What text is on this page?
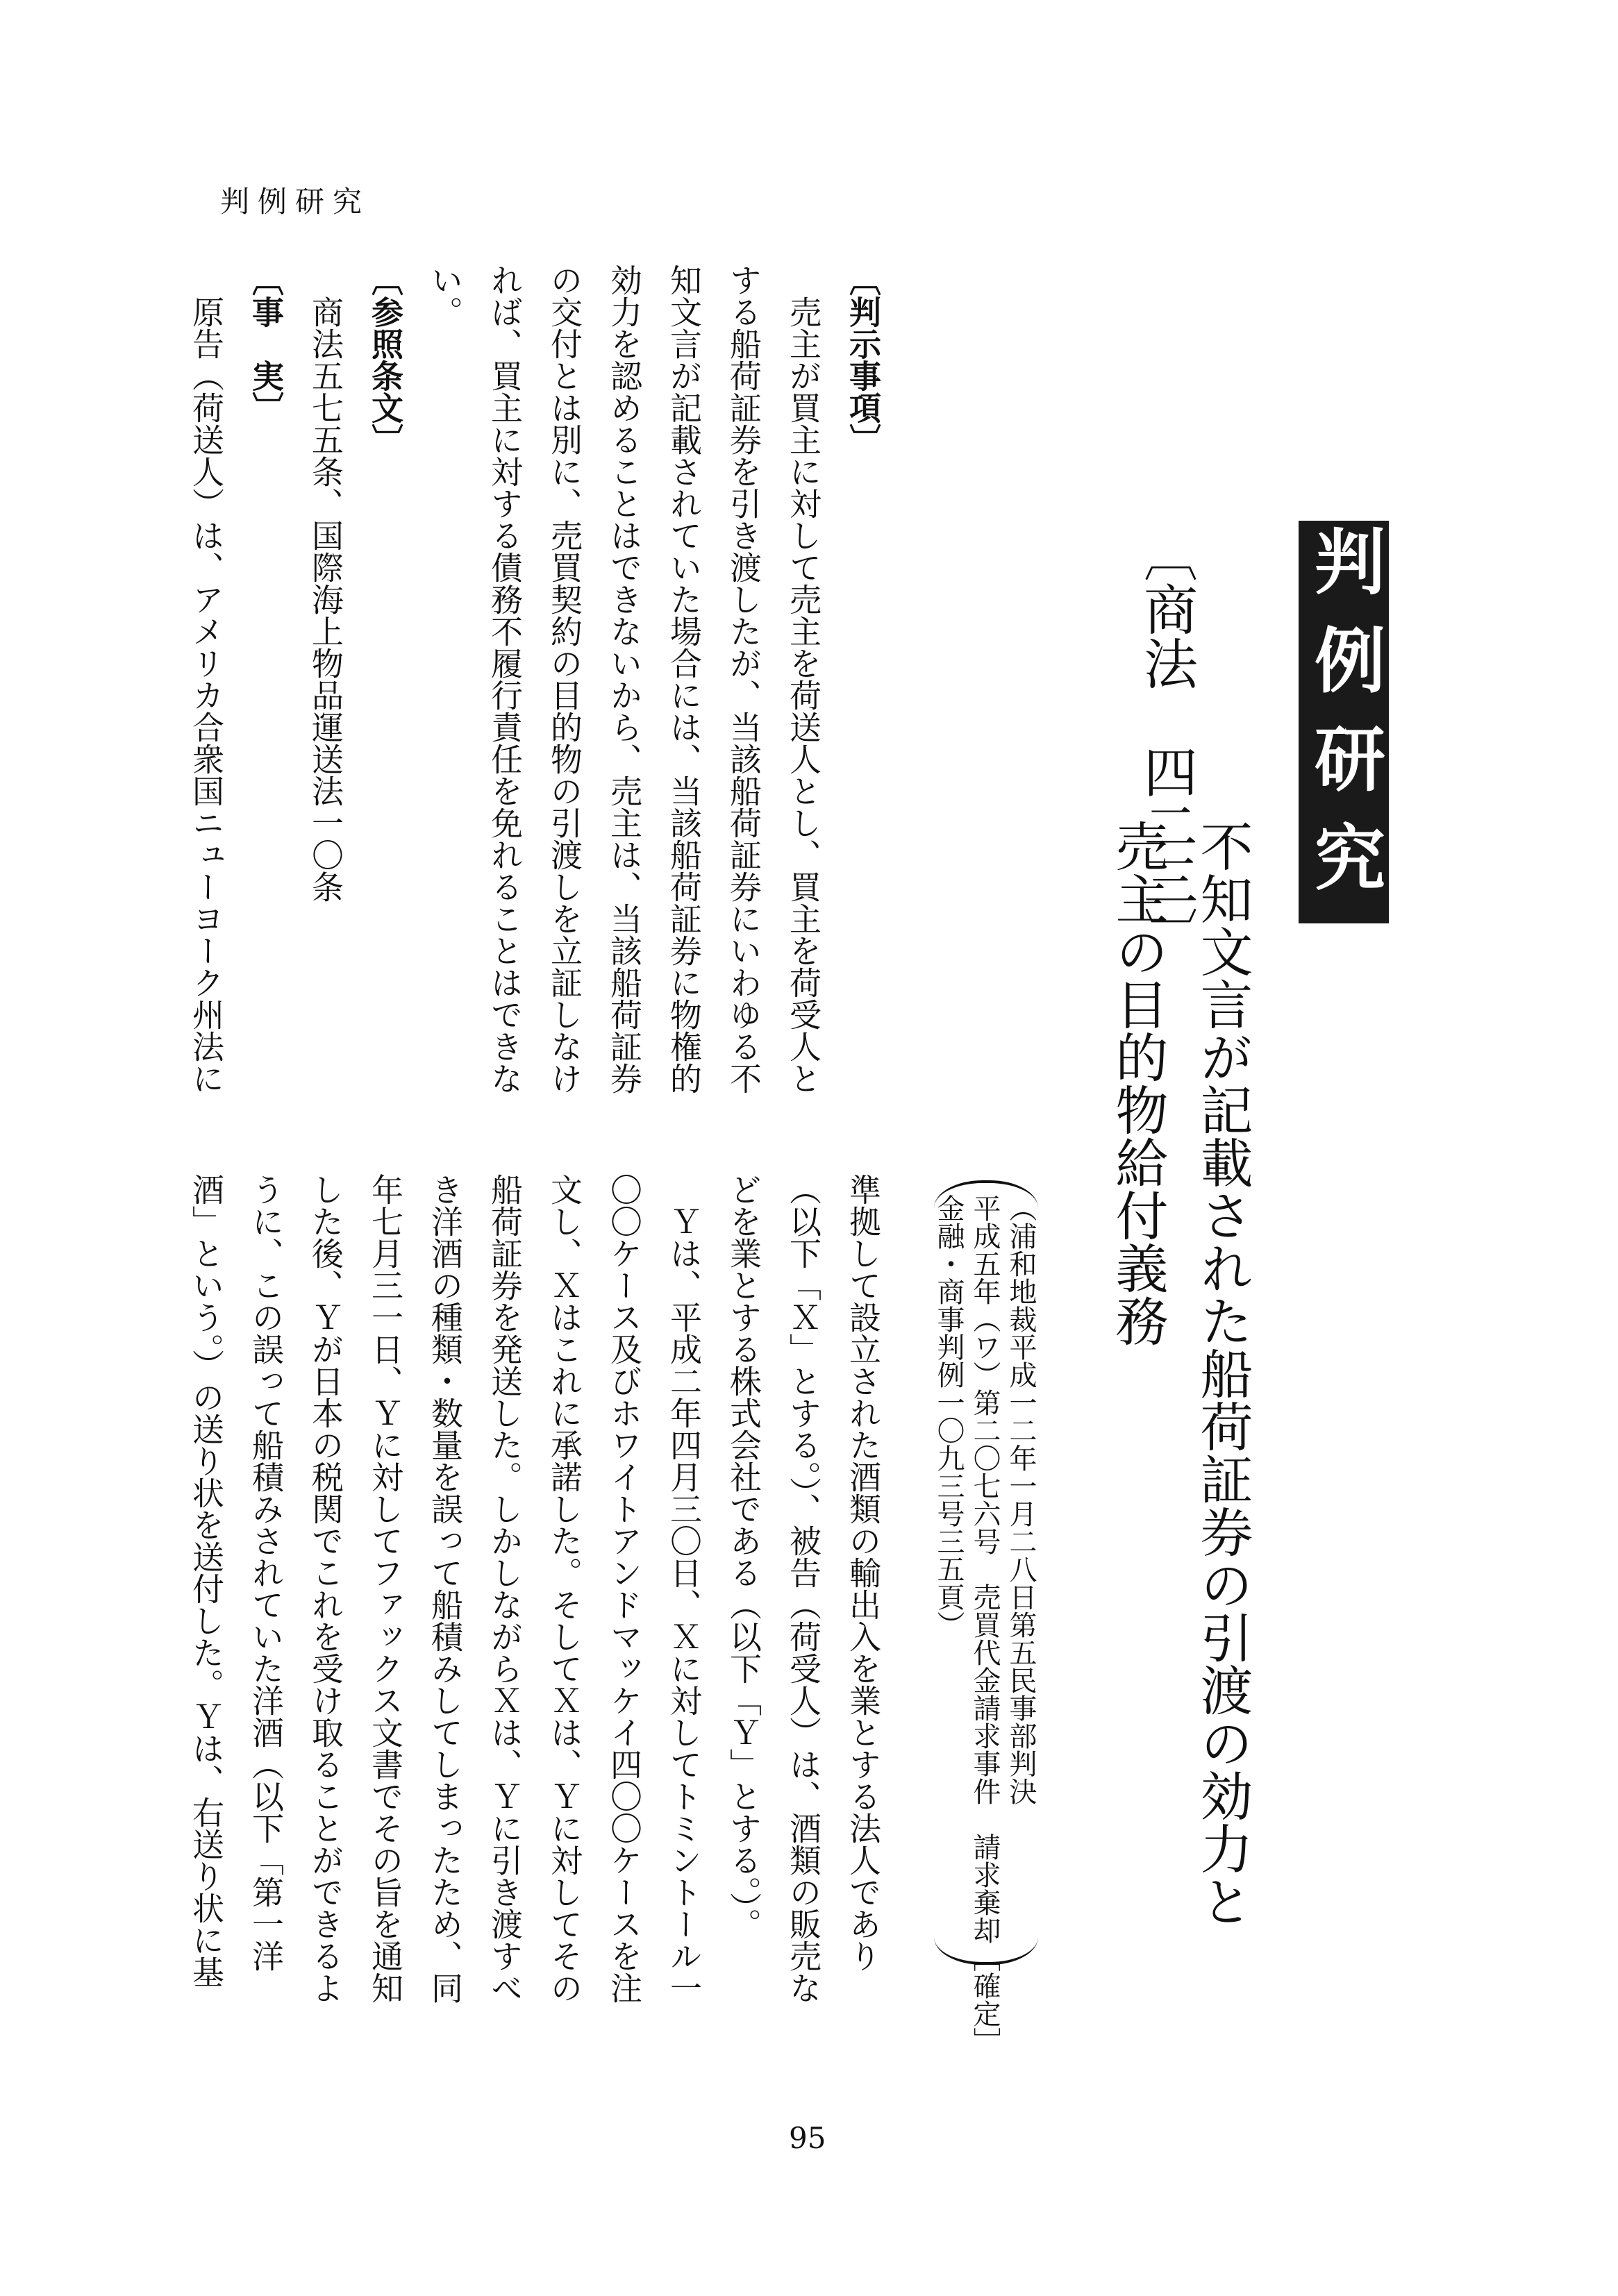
判例研究
判例研究
〔商法　四二三〕
不知文言が記載された船荷証券の引渡の効力と
売主の目的物給付義務
（浦和地裁平成一二年一月二八日第五民事部判決
平成五年（ワ）第二〇七六号　売買代金請求事件　請求棄却［確定］
金融・商事判例一〇九三号三五頁）
〔判示事項〕
　売主が買主に対して売主を荷送人とし、買主を荷受人と
する船荷証券を引き渡したが、当該船荷証券にいわゆる不
知文言が記載されていた場合には、当該船荷証券に物権的
効力を認めることはできないから、売主は、当該船荷証券
の交付とは別に、売買契約の目的物の引渡しを立証しなけ
れば、買主に対する債務不履行責任を免れることはできな
い。
〔参照条文〕
　商法五七五条、国際海上物品運送法一〇条
〔事　実〕
　原告（荷送人）は、アメリカ合衆国ニューヨーク州法に
準拠して設立された酒類の輸出入を業とする法人であり
（以下「Ｘ」とする。）、被告（荷受人）は、酒類の販売な
どを業とする株式会社である（以下「Ｙ」とする。）。
　Ｙは、平成二年四月三〇日、Ｘに対してトミントール一
〇〇ケース及びホワイトアンドマッケイ四〇〇ケースを注
文し、Ｘはこれに承諾した。そしてＸは、Ｙに対してその
船荷証券を発送した。しかしながらＸは、Ｙに引き渡すべ
き洋酒の種類・数量を誤って船積みしてしまったため、同
年七月三一日、Ｙに対してファックス文書でその旨を通知
した後、Ｙが日本の税関でこれを受け取ることができるよ
うに、この誤って船積みされていた洋酒（以下「第一洋
酒」という。）の送り状を送付した。Ｙは、右送り状に基
95
